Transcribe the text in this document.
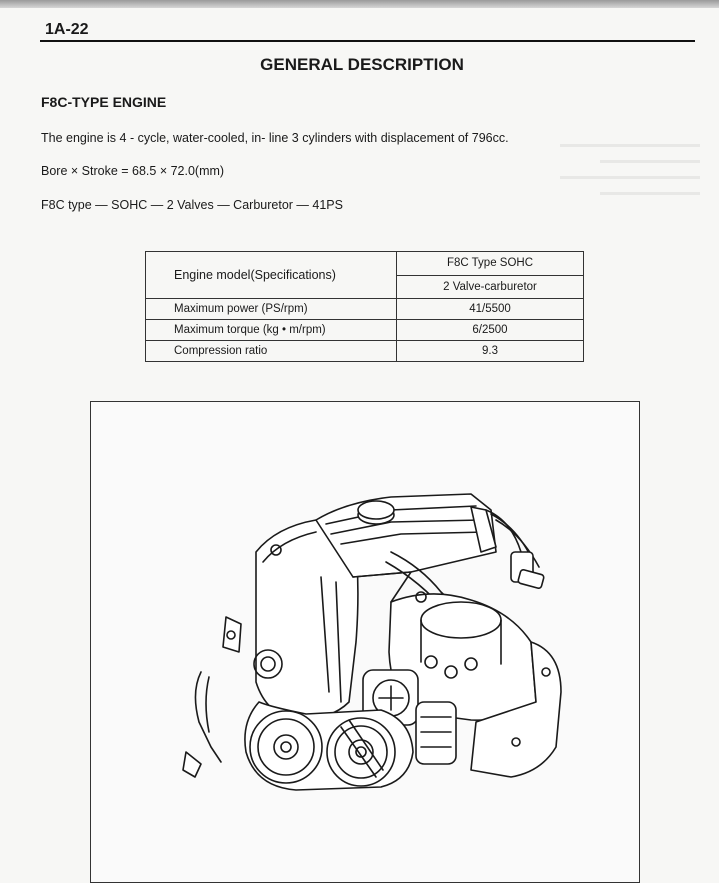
1A-22
GENERAL DESCRIPTION
F8C-TYPE ENGINE
The engine is 4 - cycle, water-cooled, in- line 3 cylinders with displacement of 796cc.
Bore × Stroke = 68.5 × 72.0(mm)
F8C type — SOHC — 2 Valves — Carburetor — 41PS
Engine model(Specifications)	F8C Type SOHC
	2 Valve-carburetor
Maximum power (PS/rpm)	41/5500
Maximum torque (kg • m/rpm)	6/2500
Compression ratio	9.3
